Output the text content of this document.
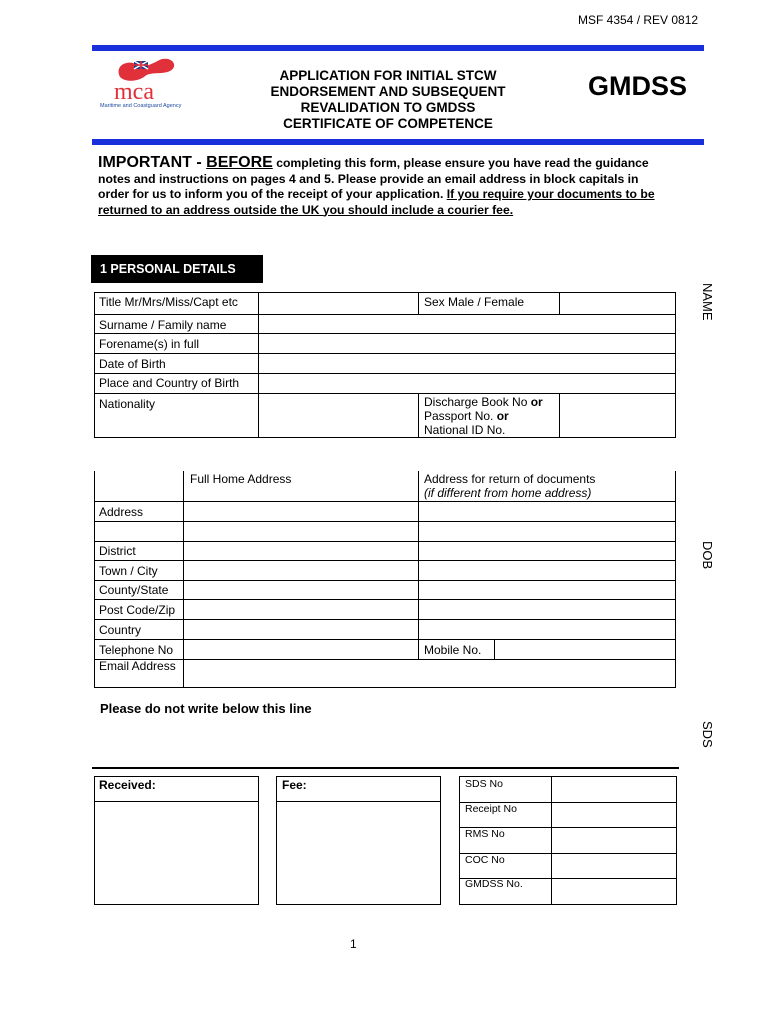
MSF 4354 / REV 0812
mca
Maritime and Coastguard Agency
APPLICATION FOR INITIAL STCW
ENDORSEMENT AND SUBSEQUENT
REVALIDATION TO GMDSS
CERTIFICATE OF COMPETENCE
GMDSS
IMPORTANT - BEFORE completing this form, please ensure you have read the guidance notes and instructions on pages 4 and 5. Please provide an email address in block capitals in order for us to inform you of the receipt of your application. If you require your documents to be returned to an address outside the UK you should include a courier fee.
1 PERSONAL DETAILS
NAME
DOB
SDS
Title Mr/Mrs/Miss/Capt etc	Sex Male / Female
Surname / Family name
Forename(s) in full
Date of Birth
Place and Country of Birth
Nationality	Discharge Book No or
Passport No. or
National ID No.
Full Home Address	Address for return of documents
(if different from home address)
Address
District
Town / City
County/State
Post Code/Zip
Country
Telephone No	Mobile No.
Email Address
Please do not write below this line
Received:	Fee:	SDS No
Receipt No
RMS No
COC No
GMDSS No.
1
